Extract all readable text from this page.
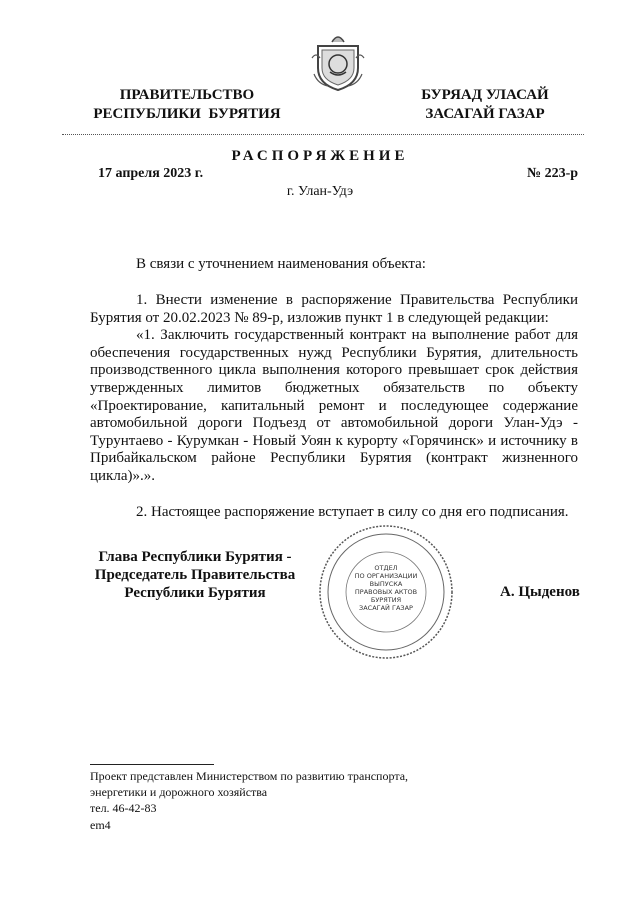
ПРАВИТЕЛЬСТВО
РЕСПУБЛИКИ  БУРЯТИЯ
БУРЯАД УЛАСАЙ
ЗАСАГАЙ ГАЗАР
РАСПОРЯЖЕНИЕ
17 апреля 2023 г.	№ 223-р
г. Улан-Удэ
В связи с уточнением наименования объекта:

1. Внести изменение в распоряжение Правительства Республики Бурятия от 20.02.2023 № 89-р, изложив пункт 1 в следующей редакции:

«1. Заключить государственный контракт на выполнение работ для обеспечения государственных нужд Республики Бурятия, длительность производственного цикла выполнения которого превышает срок действия утвержденных лимитов бюджетных обязательств по объекту «Проектирование, капитальный ремонт и последующее содержание автомобильной дороги Подъезд от автомобильной дороги Улан-Удэ - Турунтаево - Курумкан - Новый Уоян к курорту «Горячинск» и источнику в Прибайкальском районе Республики Бурятия (контракт жизненного цикла)».».

2. Настоящее распоряжение вступает в силу со дня его подписания.

Глава Республики Бурятия -
Председатель Правительства
Республики Бурятия
ОТДЕЛ
ПО ОРГАНИЗАЦИИ
ВЫПУСКА
ПРАВОВЫХ АКТОВ
БУРЯТИЯ
ЗАСАГАЙ ГАЗАР
А. Цыденов
Проект представлен Министерством по развитию транспорта,
энергетики и дорожного хозяйства
тел. 46-42-83
em4
